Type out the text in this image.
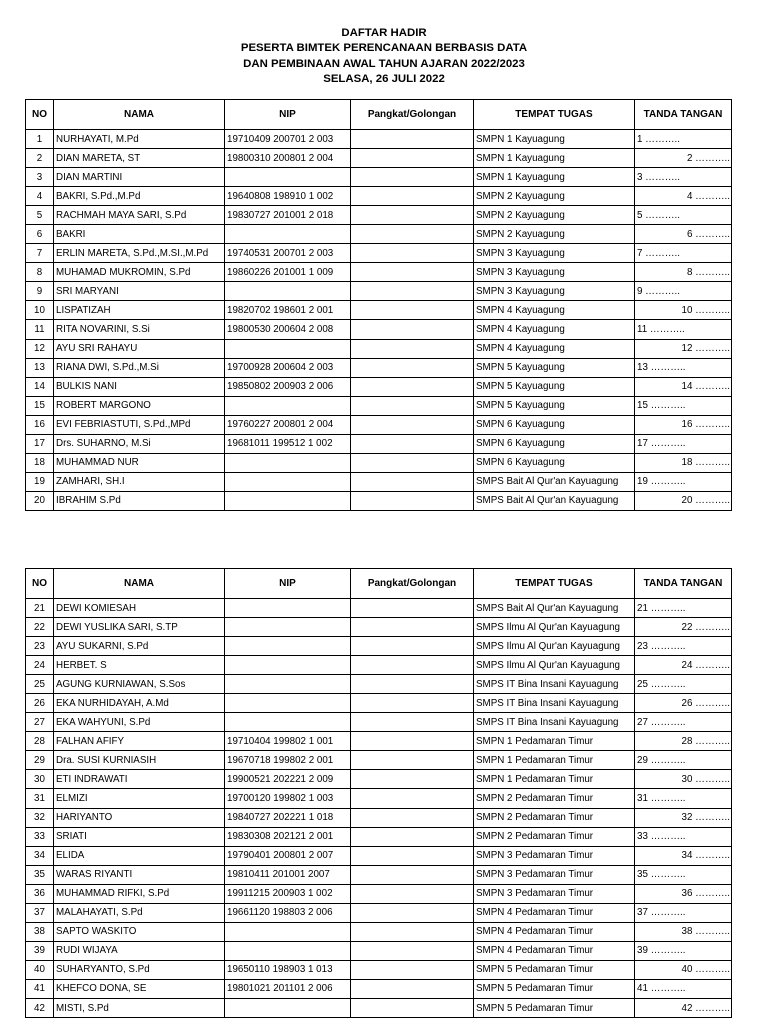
DAFTAR HADIR
PESERTA BIMTEK PERENCANAAN BERBASIS DATA
DAN PEMBINAAN AWAL TAHUN AJARAN 2022/2023
SELASA, 26 JULI 2022
NO	NAMA	NIP	Pangkat/Golongan	TEMPAT TUGAS	TANDA TANGAN
1	NURHAYATI, M.Pd	19710409 200701 2 003		SMPN 1 Kayuagung	1 ………..
2	DIAN MARETA, ST	19800310 200801 2 004		SMPN 1 Kayuagung	2 ………..
3	DIAN MARTINI			SMPN 1 Kayuagung	3 ………..
4	BAKRI, S.Pd.,M.Pd	19640808 198910 1 002		SMPN 2 Kayuagung	4 ………..
5	RACHMAH MAYA SARI, S.Pd	19830727 201001 2 018		SMPN 2 Kayuagung	5 ………..
6	BAKRI			SMPN 2 Kayuagung	6 ………..
7	ERLIN MARETA, S.Pd.,M.SI.,M.Pd	19740531 200701 2 003		SMPN 3 Kayuagung	7 ………..
8	MUHAMAD MUKROMIN, S.Pd	19860226 201001 1 009		SMPN 3 Kayuagung	8 ………..
9	SRI MARYANI			SMPN 3 Kayuagung	9 ………..
10	LISPATIZAH	19820702 198601 2 001		SMPN 4 Kayuagung	10 ………..
11	RITA NOVARINI, S.Si	19800530 200604 2 008		SMPN 4 Kayuagung	11 ………..
12	AYU SRI RAHAYU			SMPN 4 Kayuagung	12 ………..
13	RIANA DWI, S.Pd.,M.Si	19700928 200604 2 003		SMPN 5 Kayuagung	13 ………..
14	BULKIS NANI	19850802 200903 2 006		SMPN 5 Kayuagung	14 ………..
15	ROBERT MARGONO			SMPN 5 Kayuagung	15 ………..
16	EVI FEBRIASTUTI, S.Pd.,MPd	19760227 200801 2 004		SMPN 6 Kayuagung	16 ………..
17	Drs. SUHARNO, M.Si	19681011 199512 1 002		SMPN 6 Kayuagung	17 ………..
18	MUHAMMAD NUR			SMPN 6 Kayuagung	18 ………..
19	ZAMHARI, SH.I			SMPS Bait Al Qur'an Kayuagung	19 ………..
20	IBRAHIM S.Pd			SMPS Bait Al Qur'an Kayuagung	20 ………..
NO	NAMA	NIP	Pangkat/Golongan	TEMPAT TUGAS	TANDA TANGAN
21	DEWI KOMIESAH			SMPS Bait Al Qur'an Kayuagung	21 ………..
22	DEWI YUSLIKA SARI, S.TP			SMPS Ilmu Al Qur'an Kayuagung	22 ………..
23	AYU SUKARNI, S.Pd			SMPS Ilmu Al Qur'an Kayuagung	23 ………..
24	HERBET. S			SMPS Ilmu Al Qur'an Kayuagung	24 ………..
25	AGUNG KURNIAWAN, S.Sos			SMPS IT Bina Insani Kayuagung	25 ………..
26	EKA NURHIDAYAH, A.Md			SMPS IT Bina Insani Kayuagung	26 ………..
27	EKA WAHYUNI, S.Pd			SMPS IT Bina Insani Kayuagung	27 ………..
28	FALHAN AFIFY	19710404 199802 1 001		SMPN 1 Pedamaran Timur	28 ………..
29	Dra. SUSI KURNIASIH	19670718 199802 2 001		SMPN 1 Pedamaran Timur	29 ………..
30	ETI INDRAWATI	19900521 202221 2 009		SMPN 1 Pedamaran Timur	30 ………..
31	ELMIZI	19700120 199802 1 003		SMPN 2 Pedamaran Timur	31 ………..
32	HARIYANTO	19840727 202221 1 018		SMPN 2 Pedamaran Timur	32 ………..
33	SRIATI	19830308 202121 2 001		SMPN 2 Pedamaran Timur	33 ………..
34	ELIDA	19790401 200801 2 007		SMPN 3 Pedamaran Timur	34 ………..
35	WARAS RIYANTI	19810411 201001 2007		SMPN 3 Pedamaran Timur	35 ………..
36	MUHAMMAD RIFKI, S.Pd	19911215 200903 1 002		SMPN 3 Pedamaran Timur	36 ………..
37	MALAHAYATI, S.Pd	19661120 198803 2 006		SMPN 4 Pedamaran Timur	37 ………..
38	SAPTO WASKITO			SMPN 4 Pedamaran Timur	38 ………..
39	RUDI WIJAYA			SMPN 4 Pedamaran Timur	39 ………..
40	SUHARYANTO, S.Pd	19650110 198903 1 013		SMPN 5 Pedamaran Timur	40 ………..
41	KHEFCO DONA, SE	19801021 201101 2 006		SMPN 5 Pedamaran Timur	41 ………..
42	MISTI, S.Pd			SMPN 5 Pedamaran Timur	42 ………..
